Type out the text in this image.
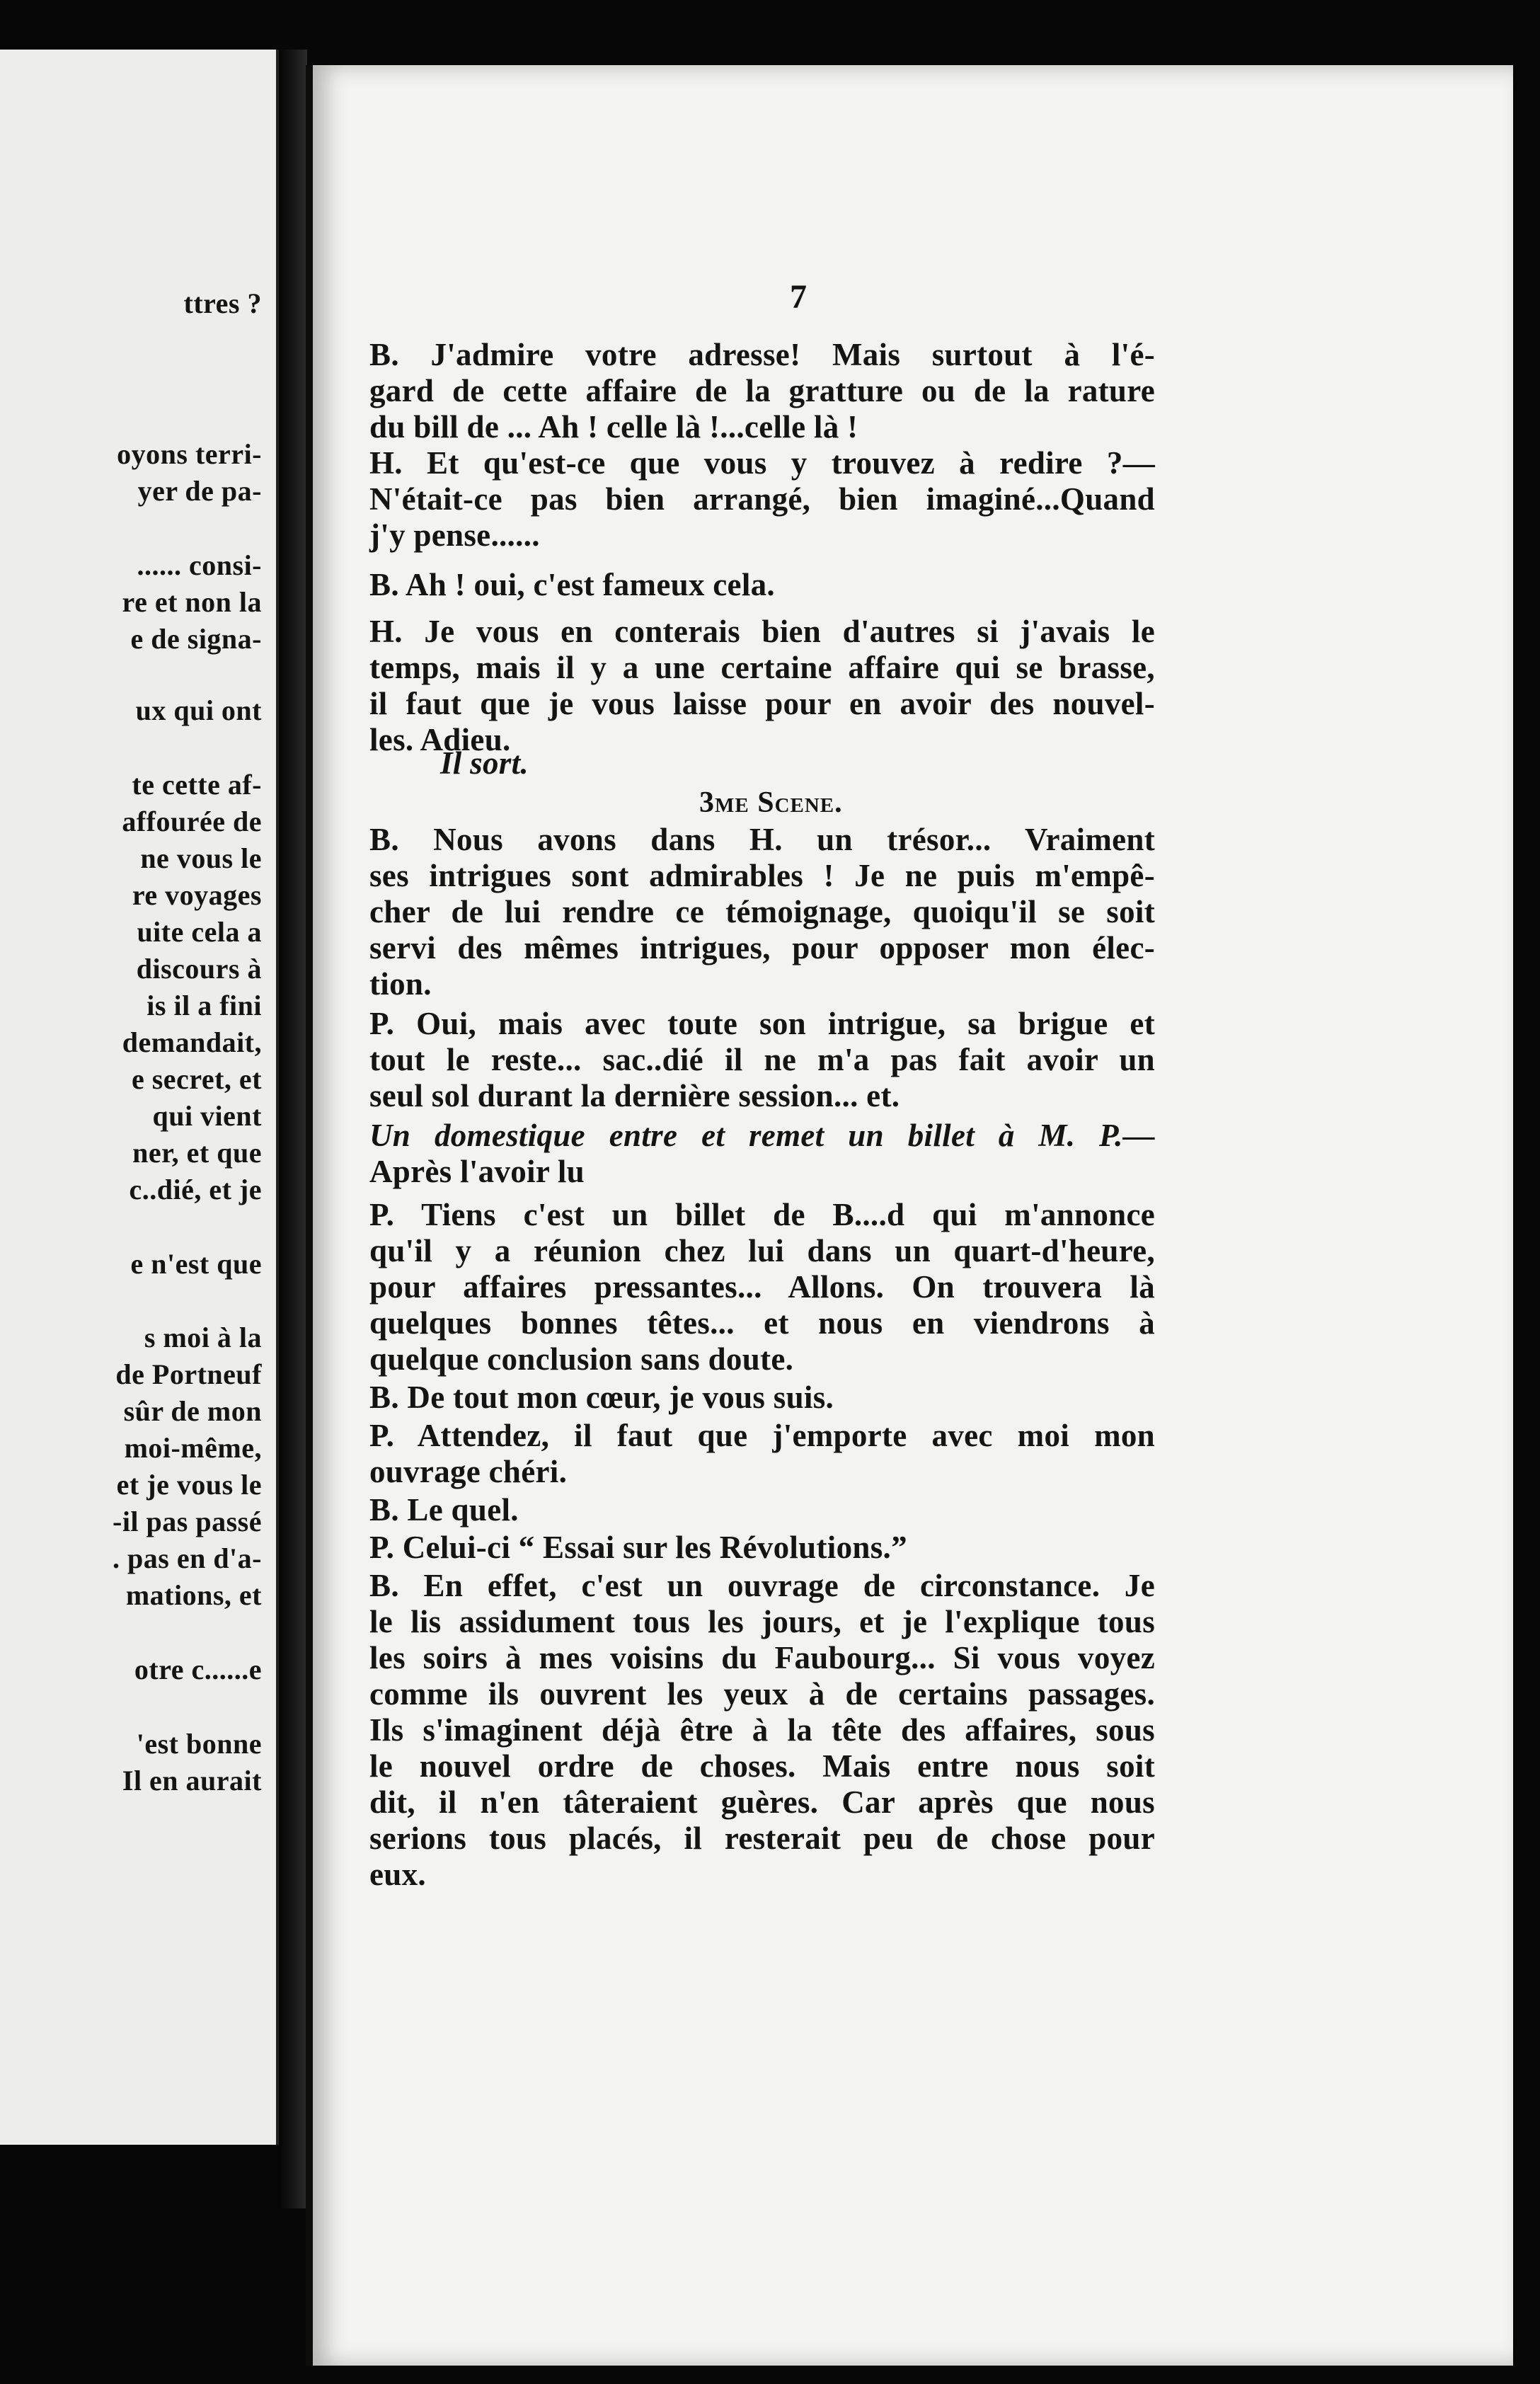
ttres ?
oyons terri-
yer de pa-
...... consi-
re et non la
e de signa-
ux qui ont
te cette af-
affourée de
ne vous le
re voyages
uite cela a
discours à
is il a fini
demandait,
e secret, et
qui vient
ner, et que
c..dié, et je
e n'est que
s moi à la
de Portneuf
sûr de mon
moi-même,
et je vous le
-il pas passé
. pas en d'a-
mations, et
otre c......e
'est bonne
Il en aurait
7
3me Scene.
B. J'admire votre adresse! Mais surtout à l'é-
gard de cette affaire de la gratture ou de la rature
du bill de ... Ah ! celle là !...celle là !
H. Et qu'est-ce que vous y trouvez à redire ?—
N'était-ce pas bien arrangé, bien imaginé...Quand
j'y pense......
B. Ah ! oui, c'est fameux cela.
H. Je vous en conterais bien d'autres si j'avais le
temps, mais il y a une certaine affaire qui se brasse,
il faut que je vous laisse pour en avoir des nouvel-
les. Adieu.
Il sort.
B. Nous avons dans H. un trésor... Vraiment
ses intrigues sont admirables ! Je ne puis m'empê-
cher de lui rendre ce témoignage, quoiqu'il se soit
servi des mêmes intrigues, pour opposer mon élec-
tion.
P. Oui, mais avec toute son intrigue, sa brigue et
tout le reste... sac..dié il ne m'a pas fait avoir un
seul sol durant la dernière session... et.
Un domestique entre et remet un billet à M. P.—
Après l'avoir lu
P. Tiens c'est un billet de B....d qui m'annonce
qu'il y a réunion chez lui dans un quart-d'heure,
pour affaires pressantes... Allons. On trouvera là
quelques bonnes têtes... et nous en viendrons à
quelque conclusion sans doute.
B. De tout mon cœur, je vous suis.
P. Attendez, il faut que j'emporte avec moi mon
ouvrage chéri.
B. Le quel.
P. Celui-ci “ Essai sur les Révolutions.”
B. En effet, c'est un ouvrage de circonstance. Je
le lis assidument tous les jours, et je l'explique tous
les soirs à mes voisins du Faubourg... Si vous voyez
comme ils ouvrent les yeux à de certains passages.
Ils s'imaginent déjà être à la tête des affaires, sous
le nouvel ordre de choses. Mais entre nous soit
dit, il n'en tâteraient guères. Car après que nous
serions tous placés, il resterait peu de chose pour
eux.
